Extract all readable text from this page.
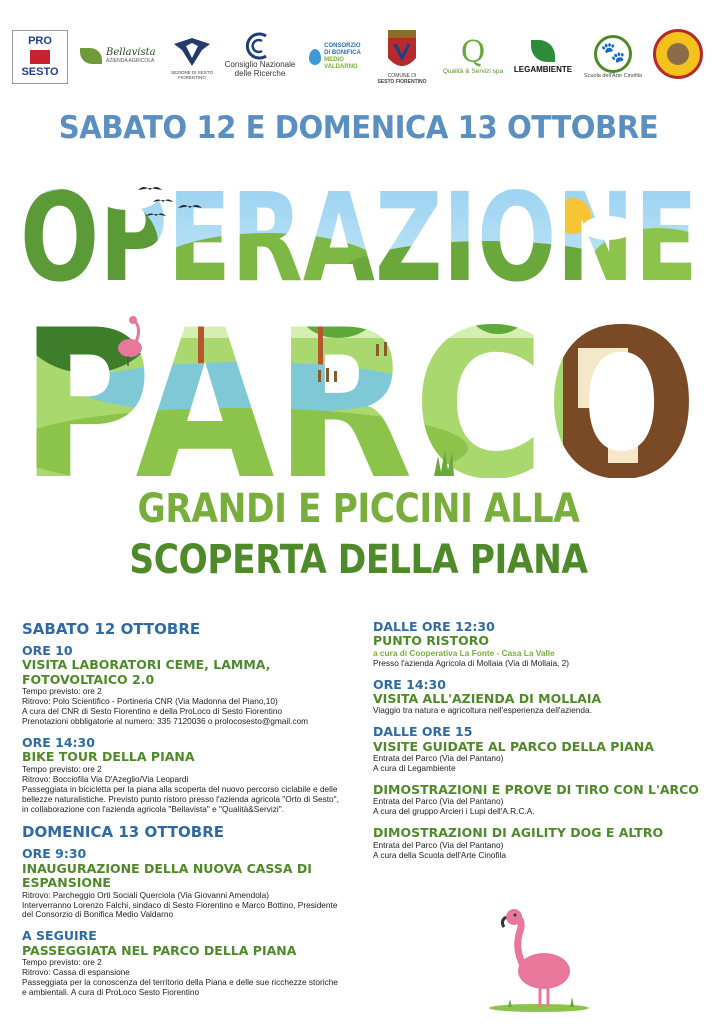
PRO
SESTO
Bellavista
AZIENDA AGRICOLA
SEZIONE DI SESTO FIORENTINO
Consiglio Nazionale
delle Ricerche
CONSORZIO
DI BONIFICA
MEDIO
VALDARNO
COMUNE DI
SESTO FIORENTINO
Q
Qualità & Servizi spa LEGAMBIENTE
🐾
Scuola dell'Arte Cinofila
SABATO 12 E DOMENICA 13 OTTOBRE
GRANDI E PICCINI ALLA
SCOPERTA DELLA PIANA
SABATO 12 OTTOBRE
ORE 10
VISITA LABORATORI CEME, LAMMA, FOTOVOLTAICO 2.0
Tempo previsto: ore 2
Ritrovo: Polo Scientifico - Portineria CNR (Via Madonna del Piano,10)
A cura del CNR di Sesto Fiorentino e della ProLoco di Sesto Fiorentino
Prenotazioni obbligatorie al numero: 335 7120036 o prolocosesto@gmail.com
ORE 14:30
BIKE TOUR DELLA PIANA
Tempo previsto: ore 2
Ritrovo: Bocciofila Via D'Azeglio/Via Leopardi
Passeggiata in bicicletta per la piana alla scoperta del nuovo percorso ciclabile e delle bellezze naturalistiche. Previsto punto ristoro presso l'azienda agricola "Orto di Sesto", in collaborazione con l'azienda agricola "Bellavista" e "Qualità&Servizi".
DOMENICA 13 OTTOBRE
ORE 9:30
INAUGURAZIONE DELLA NUOVA CASSA DI ESPANSIONE
Ritrovo: Parcheggio Orti Sociali Querciola (Via Giovanni Amendola)
Interverranno Lorenzo Falchi, sindaco di Sesto Fiorentino e Marco Bottino, Presidente del Consorzio di Bonifica Medio Valdarno
A SEGUIRE
PASSEGGIATA NEL PARCO DELLA PIANA
Tempo previsto: ore 2
Ritrovo: Cassa di espansione
Passeggiata per la conoscenza del territorio della Piana e delle sue ricchezze storiche e ambientali. A cura di ProLoco Sesto Fiorentino
DALLE ORE 12:30
PUNTO RISTORO
a cura di Cooperativa La Fonte - Casa La Valle
Presso l'azienda Agricola di Mollaia (Via di Mollaia, 2)
ORE 14:30
VISITA ALL'AZIENDA DI MOLLAIA
Viaggio tra natura e agricoltura nell'esperienza dell'azienda.
DALLE ORE 15
VISITE GUIDATE AL PARCO DELLA PIANA
Entrata del Parco (Via del Pantano)
A cura di Legambiente
DIMOSTRAZIONI E PROVE DI TIRO CON L'ARCO
Entrata del Parco (Via del Pantano)
A cura del gruppo Arcieri i Lupi dell'A.R.C.A.
DIMOSTRAZIONI DI AGILITY DOG E ALTRO
Entrata del Parco (Via del Pantano)
A cura della Scuola dell'Arte Cinofila
